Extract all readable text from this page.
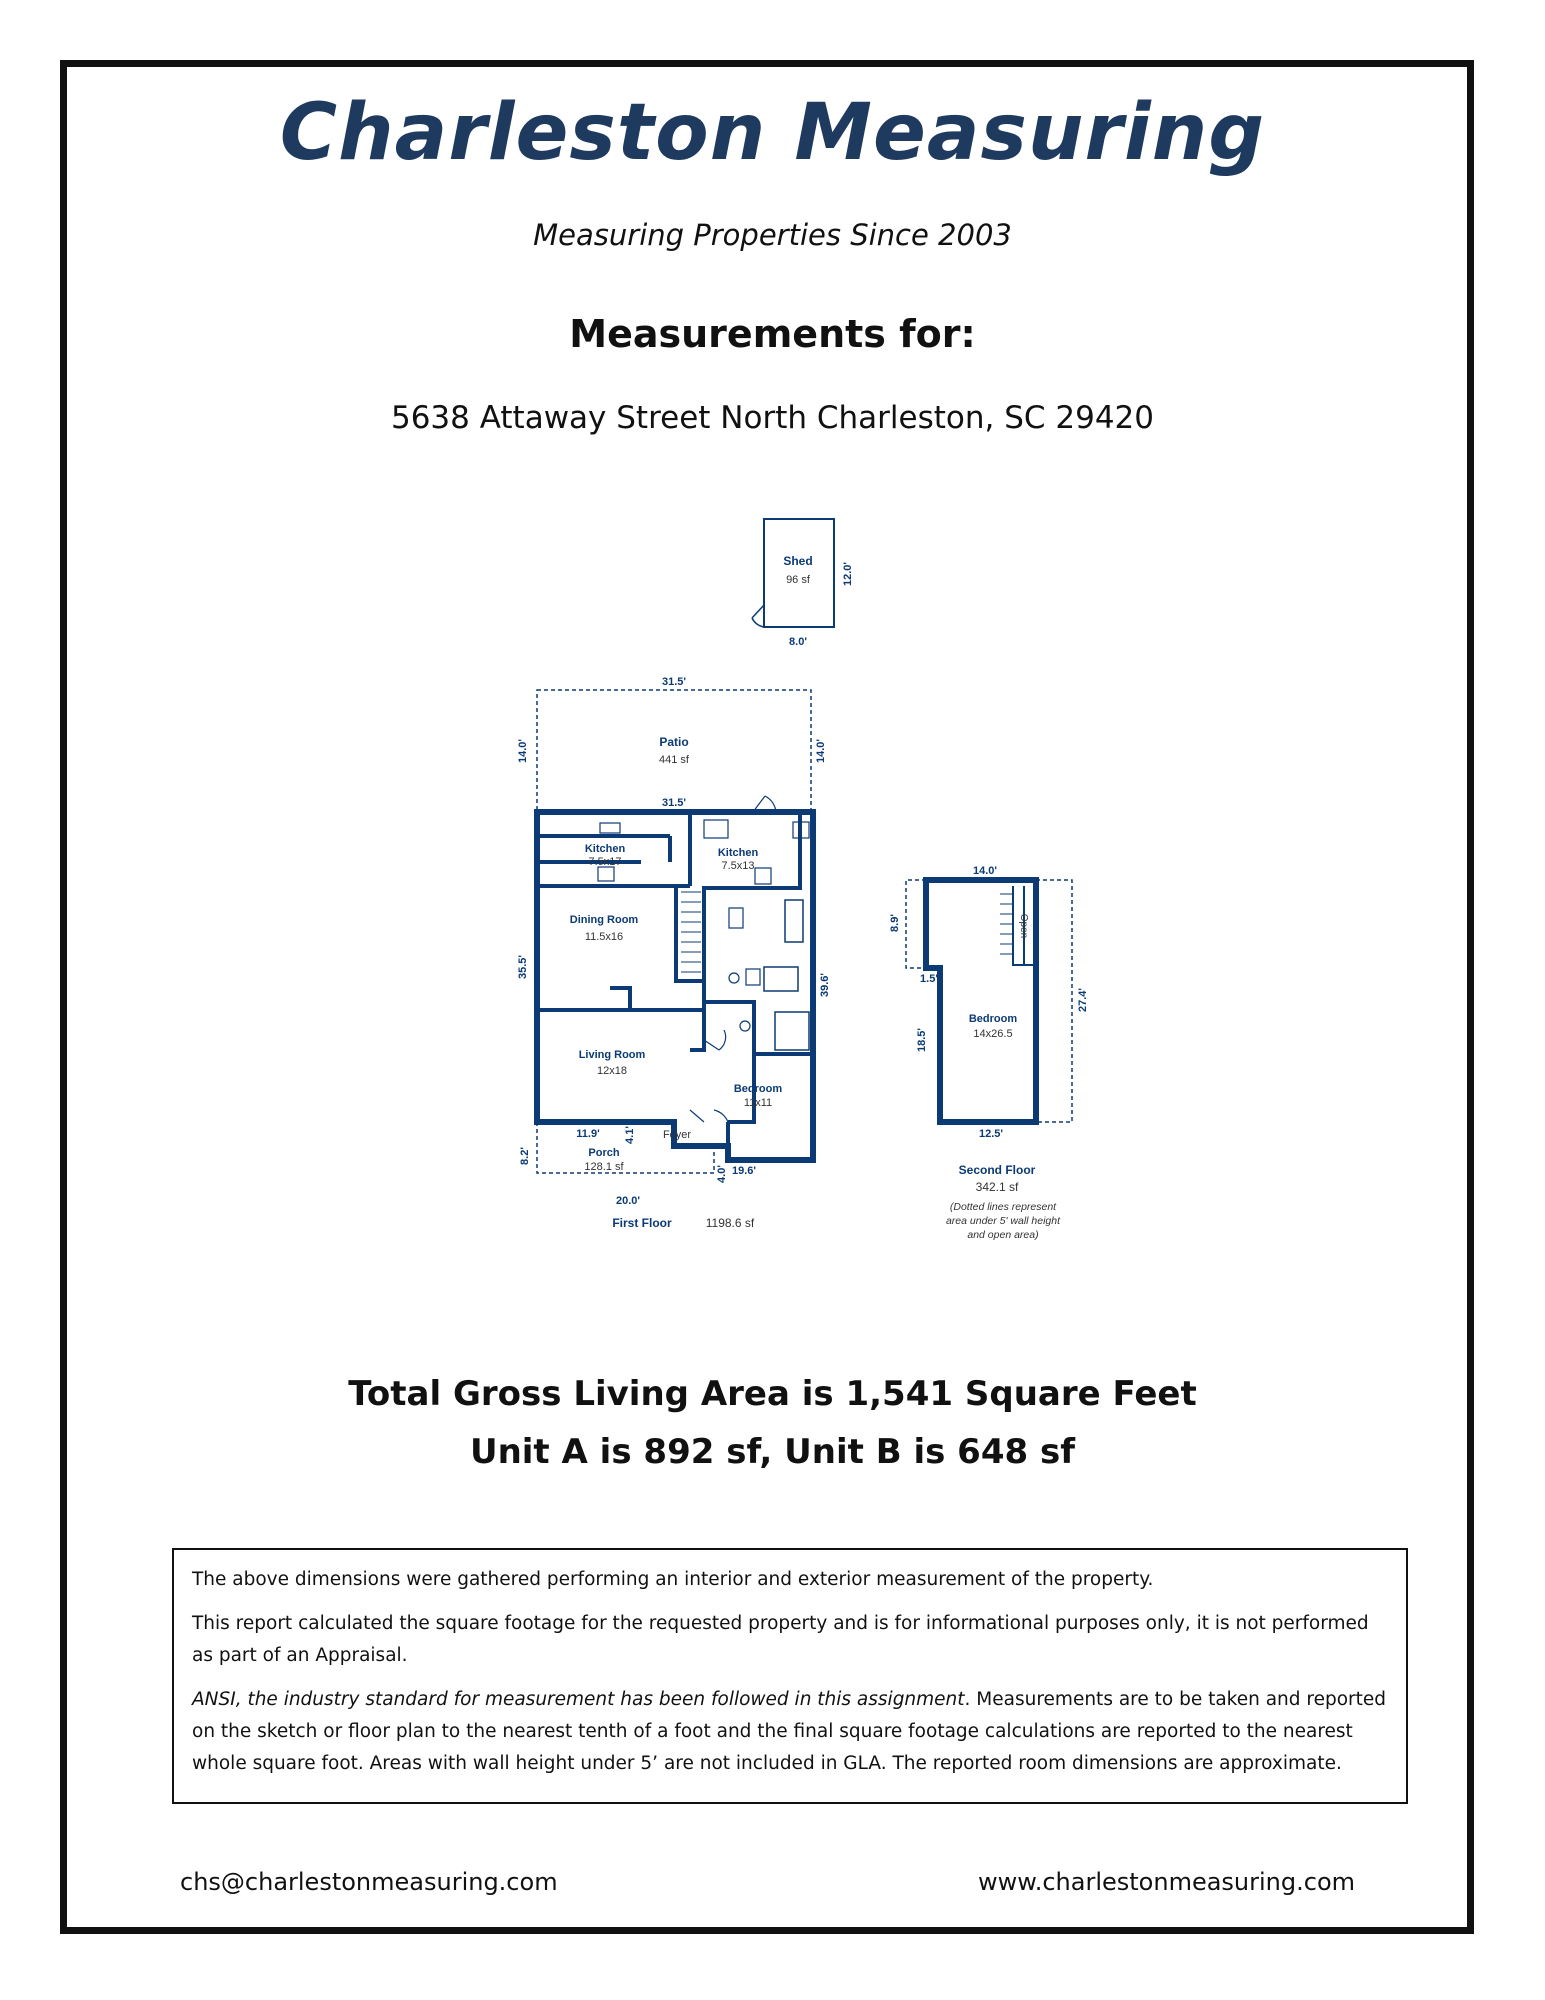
Charleston Measuring
Measuring Properties Since 2003
Measurements for:
5638 Attaway Street North Charleston, SC 29420
Shed
96 sf	12.0'
8.0'
31.5'
Patio
441 sf
14.0'	14.0'
31.5'
Kitchen
7.5x17
Kitchen
7.5x13
Dining Room
11.5x16
Living Room
12x18
Bedroom
11x11
Foyer
Porch
128.1 sf
35.5'
39.6'
11.9'
8.2'
4.1'
4.0' 19.6'
20.0'
First Floor	1198.6 sf
14.0'
8.9'
1.5'
18.5'
27.4'
Open
Bedroom
14x26.5
12.5'
Second Floor
342.1 sf
(Dotted lines represent
area under 5' wall height
and open area)
Total Gross Living Area is 1,541 Square Feet
Unit A is 892 sf, Unit B is 648 sf

The above dimensions were gathered performing an interior and exterior measurement of the property.

This report calculated the square footage for the requested property and is for informational purposes only, it is not performed as part of an Appraisal.

ANSI, the industry standard for measurement has been followed in this assignment. Measurements are to be taken and reported on the sketch or floor plan to the nearest tenth of a foot and the final square footage calculations are reported to the nearest whole square foot. Areas with wall height under 5’ are not included in GLA. The reported room dimensions are approximate.

chs@charlestonmeasuring.com	www.charlestonmeasuring.com
